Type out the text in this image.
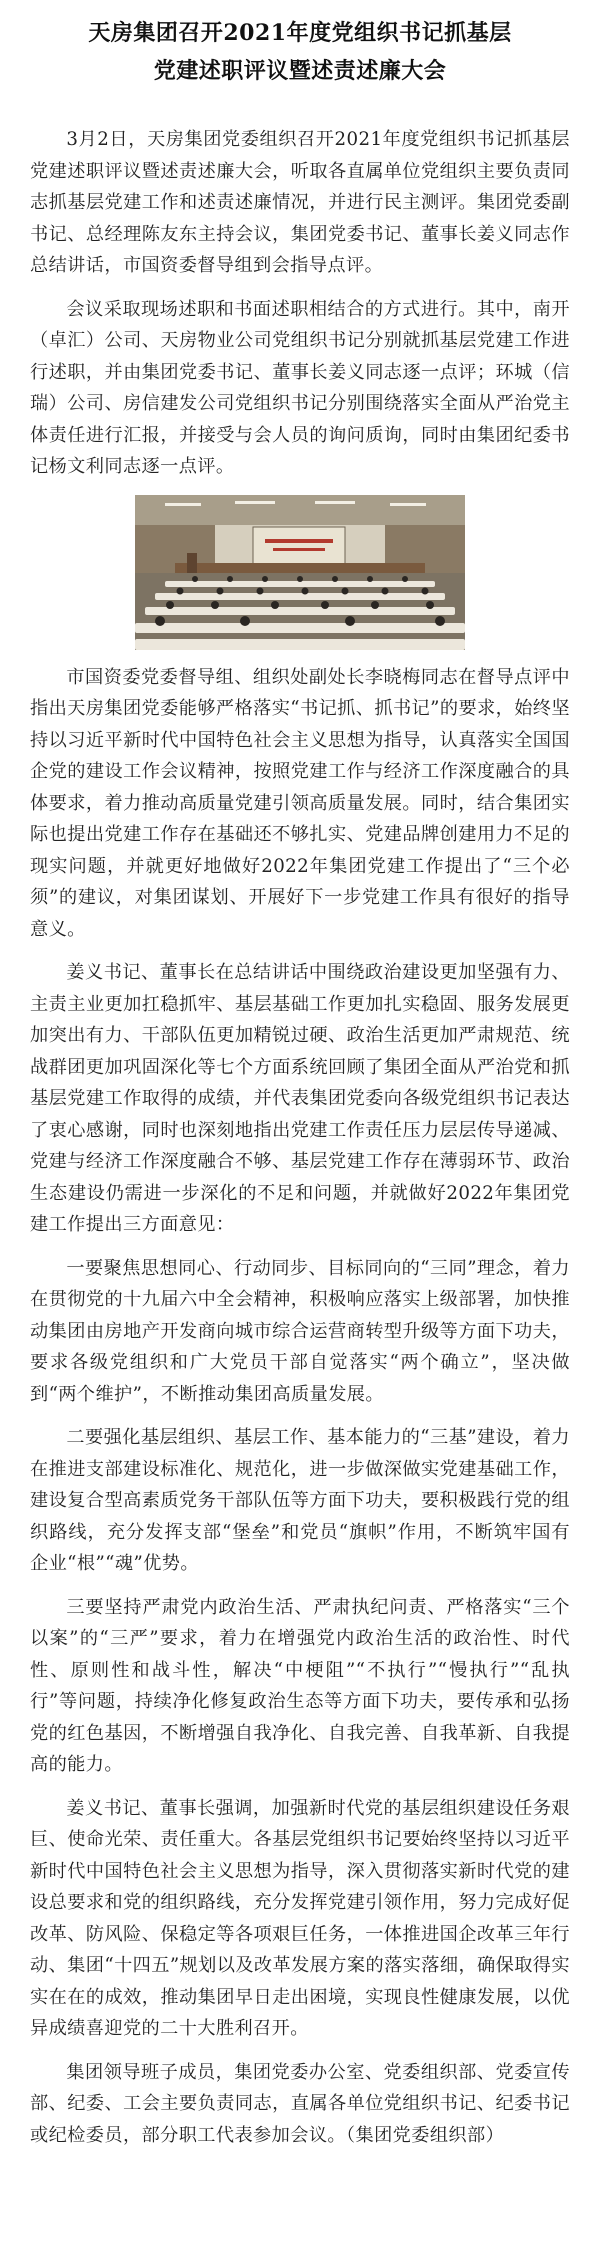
天房集团召开2021年度党组织书记抓基层
党建述职评议暨述责述廉大会

3月2日，天房集团党委组织召开2021年度党组织书记抓基层党建述职评议暨述责述廉大会，听取各直属单位党组织主要负责同志抓基层党建工作和述责述廉情况，并进行民主测评。集团党委副书记、总经理陈友东主持会议，集团党委书记、董事长姜义同志作总结讲话，市国资委督导组到会指导点评。

会议采取现场述职和书面述职相结合的方式进行。其中，南开（卓汇）公司、天房物业公司党组织书记分别就抓基层党建工作进行述职，并由集团党委书记、董事长姜义同志逐一点评；环城（信瑞）公司、房信建发公司党组织书记分别围绕落实全面从严治党主体责任进行汇报，并接受与会人员的询问质询，同时由集团纪委书记杨文利同志逐一点评。

市国资委党委督导组、组织处副处长李晓梅同志在督导点评中指出天房集团党委能够严格落实“书记抓、抓书记”的要求，始终坚持以习近平新时代中国特色社会主义思想为指导，认真落实全国国企党的建设工作会议精神，按照党建工作与经济工作深度融合的具体要求，着力推动高质量党建引领高质量发展。同时，结合集团实际也提出党建工作存在基础还不够扎实、党建品牌创建用力不足的现实问题，并就更好地做好2022年集团党建工作提出了“三个必须”的建议，对集团谋划、开展好下一步党建工作具有很好的指导意义。

姜义书记、董事长在总结讲话中围绕政治建设更加坚强有力、主责主业更加扛稳抓牢、基层基础工作更加扎实稳固、服务发展更加突出有力、干部队伍更加精锐过硬、政治生活更加严肃规范、统战群团更加巩固深化等七个方面系统回顾了集团全面从严治党和抓基层党建工作取得的成绩，并代表集团党委向各级党组织书记表达了衷心感谢，同时也深刻地指出党建工作责任压力层层传导递减、党建与经济工作深度融合不够、基层党建工作存在薄弱环节、政治生态建设仍需进一步深化的不足和问题，并就做好2022年集团党建工作提出三方面意见：

一要聚焦思想同心、行动同步、目标同向的“三同”理念，着力在贯彻党的十九届六中全会精神，积极响应落实上级部署，加快推动集团由房地产开发商向城市综合运营商转型升级等方面下功夫，要求各级党组织和广大党员干部自觉落实“两个确立”，坚决做到“两个维护”，不断推动集团高质量发展。

二要强化基层组织、基层工作、基本能力的“三基”建设，着力在推进支部建设标准化、规范化，进一步做深做实党建基础工作，建设复合型高素质党务干部队伍等方面下功夫，要积极践行党的组织路线，充分发挥支部“堡垒”和党员“旗帜”作用，不断筑牢国有企业“根”“魂”优势。

三要坚持严肃党内政治生活、严肃执纪问责、严格落实“三个以案”的“三严”要求，着力在增强党内政治生活的政治性、时代性、原则性和战斗性，解决“中梗阻”“不执行”“慢执行”“乱执行”等问题，持续净化修复政治生态等方面下功夫，要传承和弘扬党的红色基因，不断增强自我净化、自我完善、自我革新、自我提高的能力。

姜义书记、董事长强调，加强新时代党的基层组织建设任务艰巨、使命光荣、责任重大。各基层党组织书记要始终坚持以习近平新时代中国特色社会主义思想为指导，深入贯彻落实新时代党的建设总要求和党的组织路线，充分发挥党建引领作用，努力完成好促改革、防风险、保稳定等各项艰巨任务，一体推进国企改革三年行动、集团“十四五”规划以及改革发展方案的落实落细，确保取得实实在在的成效，推动集团早日走出困境，实现良性健康发展，以优异成绩喜迎党的二十大胜利召开。

集团领导班子成员，集团党委办公室、党委组织部、党委宣传部、纪委、工会主要负责同志，直属各单位党组织书记、纪委书记或纪检委员，部分职工代表参加会议。（集团党委组织部）
